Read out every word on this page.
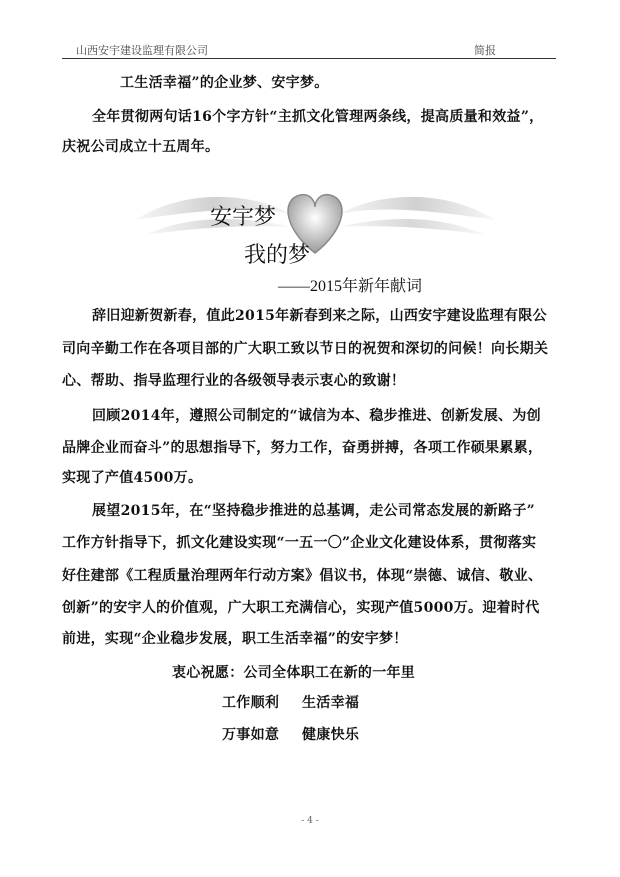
山西安宇建设监理有限公司	简报
工生活幸福”的企业梦、安宇梦。
全年贯彻两句话16个字方针“主抓文化管理两条线，提高质量和效益”，
庆祝公司成立十五周年。
安宇梦
我的梦
——2015年新年献词
辞旧迎新贺新春，值此2015年新春到来之际，山西安宇建设监理有限公
司向辛勤工作在各项目部的广大职工致以节日的祝贺和深切的问候！向长期关
心、帮助、指导监理行业的各级领导表示衷心的致谢！
回顾2014年，遵照公司制定的“诚信为本、稳步推进、创新发展、为创
品牌企业而奋斗”的思想指导下，努力工作，奋勇拼搏，各项工作硕果累累，
实现了产值4500万。
展望2015年，在“坚持稳步推进的总基调，走公司常态发展的新路子”
工作方针指导下，抓文化建设实现“一五一〇”企业文化建设体系，贯彻落实
好住建部《工程质量治理两年行动方案》倡议书，体现“崇德、诚信、敬业、
创新”的安宇人的价值观，广大职工充满信心，实现产值5000万。迎着时代
前进，实现“企业稳步发展，职工生活幸福”的安宇梦！
衷心祝愿：公司全体职工在新的一年里
工作顺利 生活幸福
万事如意 健康快乐
- 4 -
